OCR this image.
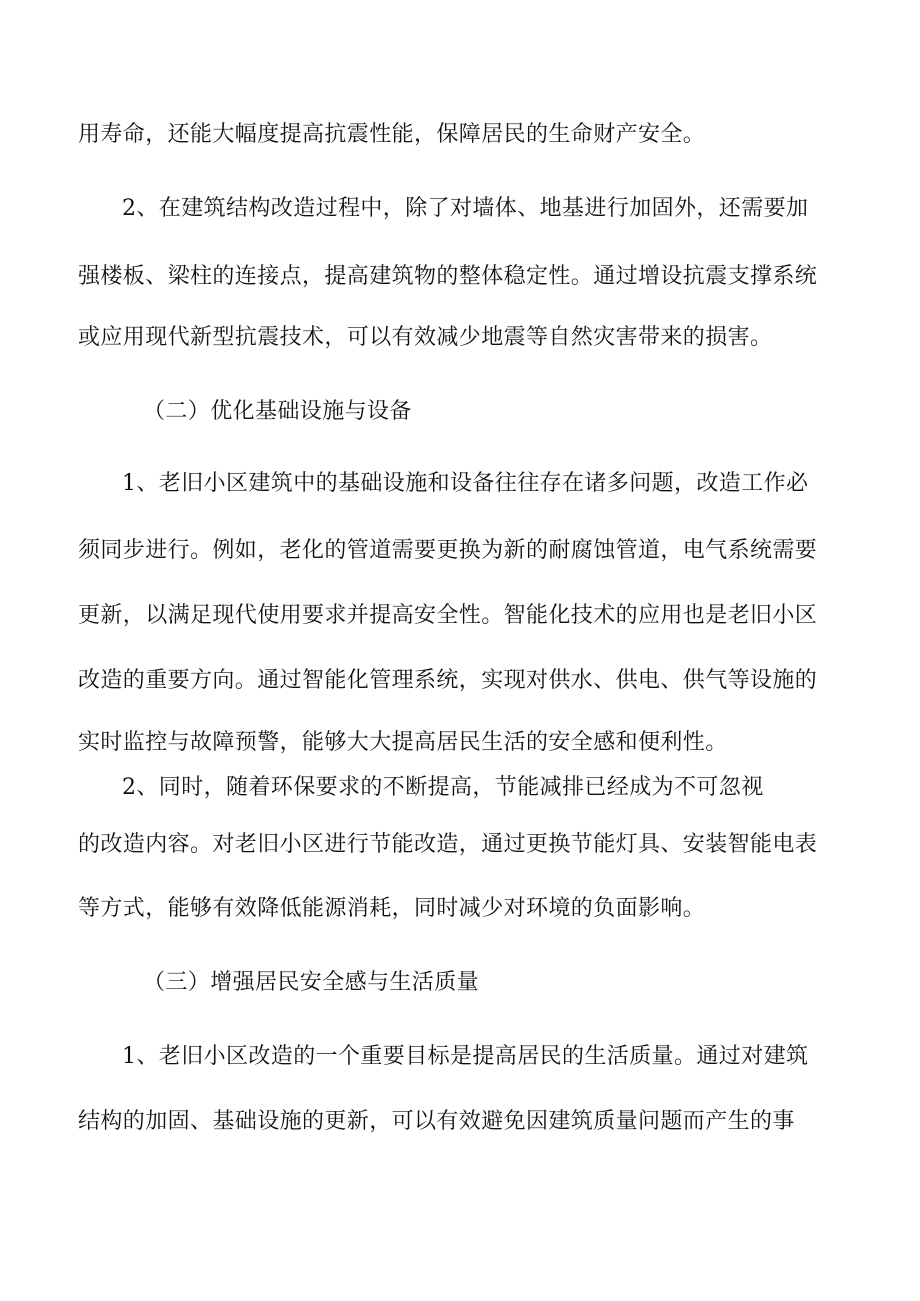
用寿命，还能大幅度提高抗震性能，保障居民的生命财产安全。
2、在建筑结构改造过程中，除了对墙体、地基进行加固外，还需要加
强楼板、梁柱的连接点，提高建筑物的整体稳定性。通过增设抗震支撑系统
或应用现代新型抗震技术，可以有效减少地震等自然灾害带来的损害。
（二）优化基础设施与设备
1、老旧小区建筑中的基础设施和设备往往存在诸多问题，改造工作必
须同步进行。例如，老化的管道需要更换为新的耐腐蚀管道，电气系统需要
更新，以满足现代使用要求并提高安全性。智能化技术的应用也是老旧小区
改造的重要方向。通过智能化管理系统，实现对供水、供电、供气等设施的
实时监控与故障预警，能够大大提高居民生活的安全感和便利性。
2、同时，随着环保要求的不断提高，节能减排已经成为不可忽视
的改造内容。对老旧小区进行节能改造，通过更换节能灯具、安装智能电表
等方式，能够有效降低能源消耗，同时减少对环境的负面影响。
（三）增强居民安全感与生活质量
1、老旧小区改造的一个重要目标是提高居民的生活质量。通过对建筑
结构的加固、基础设施的更新，可以有效避免因建筑质量问题而产生的事
